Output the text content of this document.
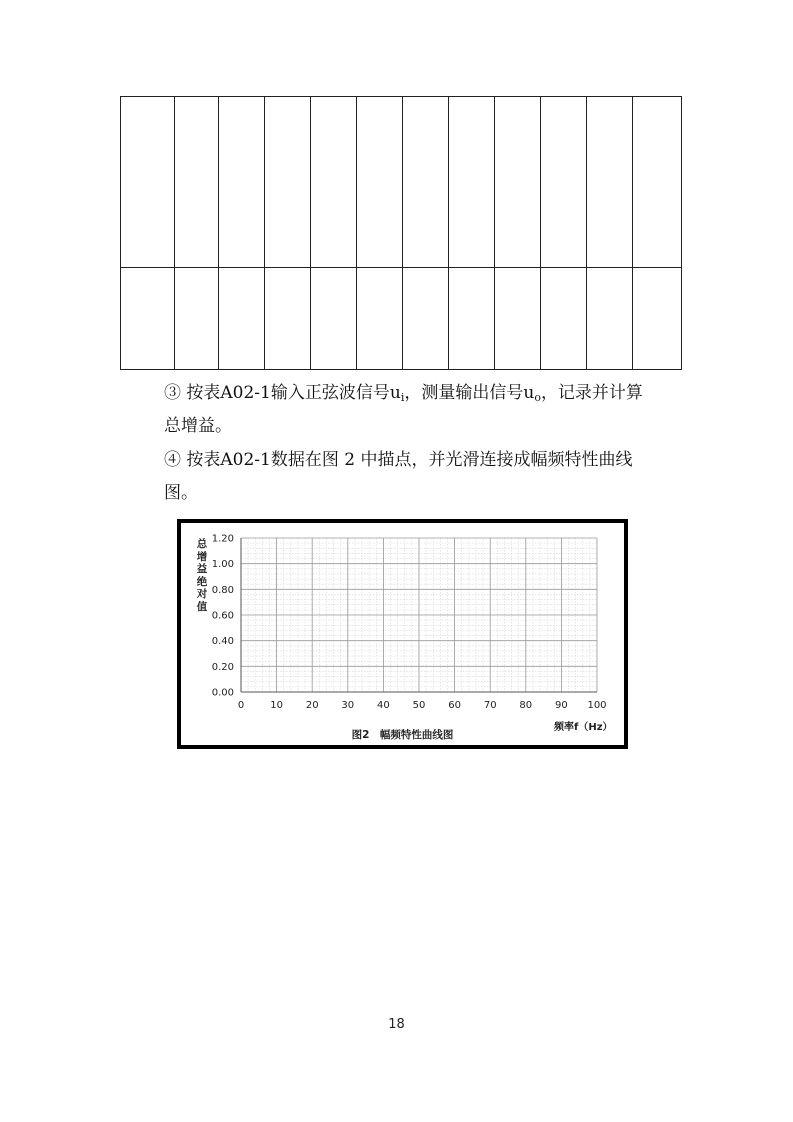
③ 按表A02-1输入正弦波信号$u_i$，测量输出信号$u_o$，记录并计算
总增益。
④ 按表A02-1数据在图 2 中描点，并光滑连接成幅频特性曲线
图。
0.00
0.20
0.40
0.60
0.80
1.00
1.20
0	10 20 30 40 50 60 70 80 90 100
总
增
益
绝
对
值
频率f（Hz）
图2　幅频特性曲线图
18
